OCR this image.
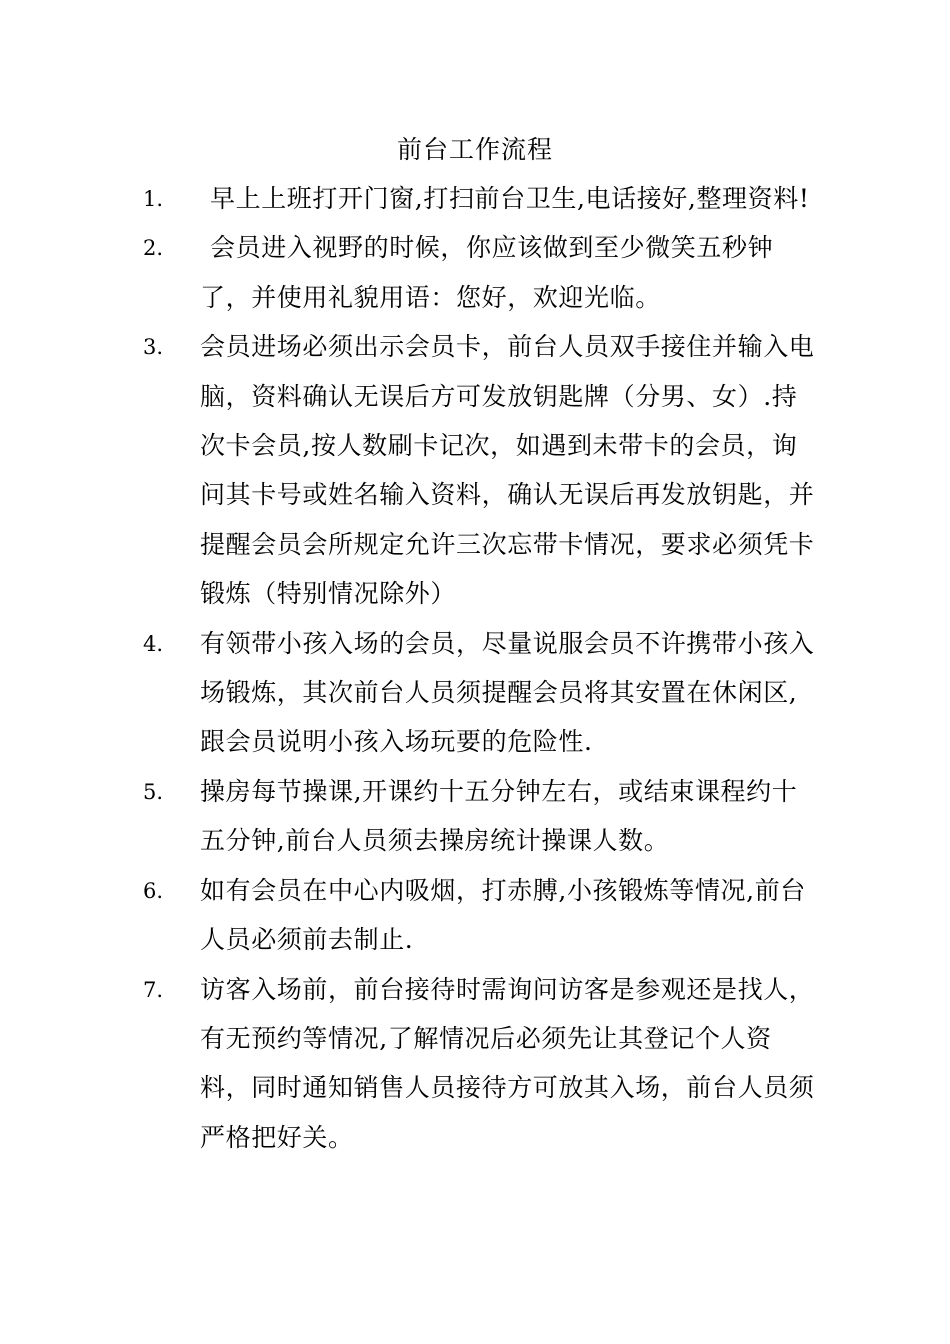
前台工作流程
1.	早上上班打开门窗,打扫前台卫生,电话接好,整理资料!
2.	会员进入视野的时候，你应该做到至少微笑五秒钟了，并使用礼貌用语：您好，欢迎光临。
3. 会员进场必须出示会员卡，前台人员双手接住并输入电脑，资料确认无误后方可发放钥匙牌（分男、女）.持次卡会员,按人数刷卡记次，如遇到未带卡的会员，询问其卡号或姓名输入资料，确认无误后再发放钥匙，并提醒会员会所规定允许三次忘带卡情况，要求必须凭卡锻炼（特别情况除外）
4. 有领带小孩入场的会员，尽量说服会员不许携带小孩入场锻炼，其次前台人员须提醒会员将其安置在休闲区,跟会员说明小孩入场玩要的危险性.
5. 操房每节操课,开课约十五分钟左右，或结束课程约十五分钟,前台人员须去操房统计操课人数。
6. 如有会员在中心内吸烟，打赤膊,小孩锻炼等情况,前台人员必须前去制止.
7. 访客入场前，前台接待时需询问访客是参观还是找人，有无预约等情况,了解情况后必须先让其登记个人资料，同时通知销售人员接待方可放其入场，前台人员须严格把好关。
